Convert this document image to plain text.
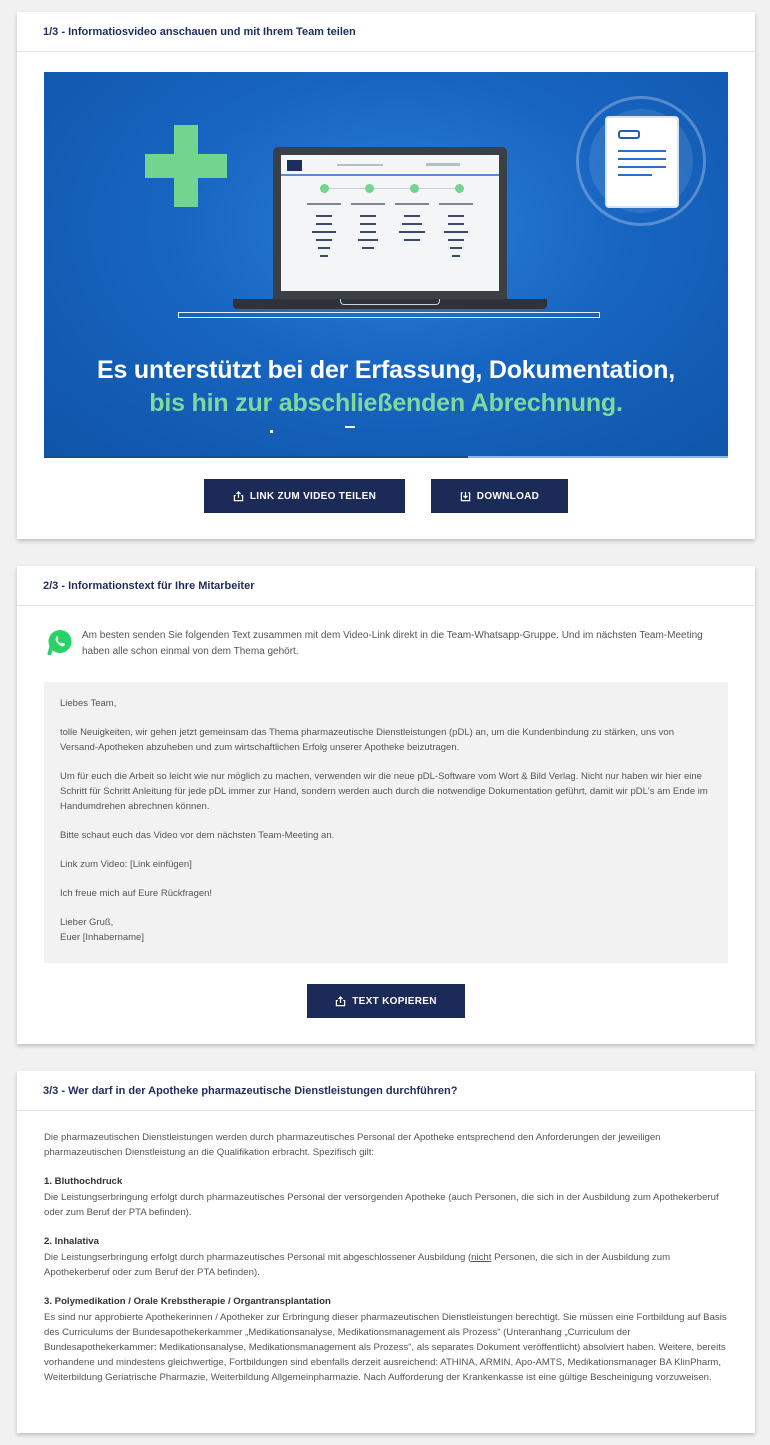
1/3 - Informatiosvideo anschauen und mit Ihrem Team teilen
Es unterstützt bei der Erfassung, Dokumentation,
bis hin zur abschließenden Abrechnung.
LINK ZUM VIDEO TEILEN	DOWNLOAD
2/3 - Informationstext für Ihre Mitarbeiter
Am besten senden Sie folgenden Text zusammen mit dem Video-Link direkt in die Team-Whatsapp-Gruppe. Und im nächsten Team-Meeting haben alle schon einmal von dem Thema gehört.

Liebes Team,

tolle Neuigkeiten, wir gehen jetzt gemeinsam das Thema pharmazeutische Dienstleistungen (pDL) an, um die Kundenbindung zu stärken, uns von Versand-Apotheken abzuheben und zum wirtschaftlichen Erfolg unserer Apotheke beizutragen.

Um für euch die Arbeit so leicht wie nur möglich zu machen, verwenden wir die neue pDL-Software vom Wort & Bild Verlag. Nicht nur haben wir hier eine Schritt für Schritt Anleitung für jede pDL immer zur Hand, sondern werden auch durch die notwendige Dokumentation geführt, damit wir pDL's am Ende im Handumdrehen abrechnen können.

Bitte schaut euch das Video vor dem nächsten Team-Meeting an.

Link zum Video: [Link einfügen]

Ich freue mich auf Eure Rückfragen!

Lieber Gruß,
Euer [Inhabername]

TEXT KOPIEREN
3/3 - Wer darf in der Apotheke pharmazeutische Dienstleistungen durchführen?
Die pharmazeutischen Dienstleistungen werden durch pharmazeutisches Personal der Apotheke entsprechend den Anforderungen der jeweiligen pharmazeutischen Dienstleistung an die Qualifikation erbracht. Spezifisch gilt:
1. Bluthochdruck
Die Leistungserbringung erfolgt durch pharmazeutisches Personal der versorgenden Apotheke (auch Personen, die sich in der Ausbildung zum Apothekerberuf oder zum Beruf der PTA befinden).
2. Inhalativa
Die Leistungserbringung erfolgt durch pharmazeutisches Personal mit abgeschlossener Ausbildung (nicht Personen, die sich in der Ausbildung zum Apothekerberuf oder zum Beruf der PTA befinden).
3. Polymedikation / Orale Krebstherapie / Organtransplantation
Es sind nur approbierte Apothekerinnen / Apotheker zur Erbringung dieser pharmazeutischen Dienstleistungen berechtigt. Sie müssen eine Fortbildung auf Basis des Curriculums der Bundesapothekerkammer „Medikationsanalyse, Medikationsmanagement als Prozess“ (Unteranhang „Curriculum der Bundesapothekerkammer: Medikationsanalyse, Medikationsmanagement als Prozess“, als separates Dokument veröffentlicht) absolviert haben. Weitere, bereits vorhandene und mindestens gleichwertige, Fortbildungen sind ebenfalls derzeit ausreichend: ATHINA, ARMIN, Apo-AMTS, Medikationsmanager BA KlinPharm, Weiterbildung Geriatrische Pharmazie, Weiterbildung Allgemeinpharmazie. Nach Aufforderung der Krankenkasse ist eine gültige Bescheinigung vorzuweisen.
